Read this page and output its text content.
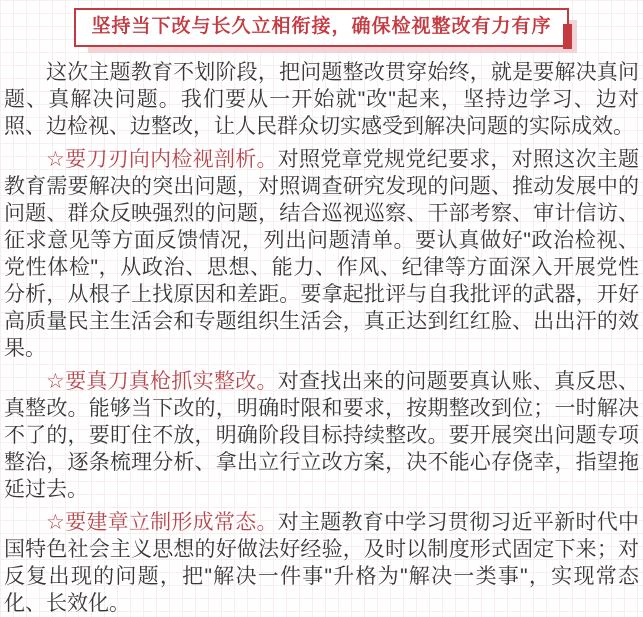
坚持当下改与长久立相衔接，确保检视整改有力有序

这次主题教育不划阶段，把问题整改贯穿始终，就是要解决真问题、真解决问题。我们要从一开始就"改"起来，坚持边学习、边对照、边检视、边整改，让人民群众切实感受到解决问题的实际成效。

☆要刀刃向内检视剖析。对照党章党规党纪要求，对照这次主题教育需要解决的突出问题，对照调查研究发现的问题、推动发展中的问题、群众反映强烈的问题，结合巡视巡察、干部考察、审计信访、征求意见等方面反馈情况，列出问题清单。要认真做好"政治检视、党性体检"，从政治、思想、能力、作风、纪律等方面深入开展党性分析，从根子上找原因和差距。要拿起批评与自我批评的武器，开好高质量民主生活会和专题组织生活会，真正达到红红脸、出出汗的效果。

☆要真刀真枪抓实整改。对查找出来的问题要真认账、真反思、真整改。能够当下改的，明确时限和要求，按期整改到位；一时解决不了的，要盯住不放，明确阶段目标持续整改。要开展突出问题专项整治，逐条梳理分析、拿出立行立改方案，决不能心存侥幸，指望拖延过去。

☆要建章立制形成常态。对主题教育中学习贯彻习近平新时代中国特色社会主义思想的好做法好经验，及时以制度形式固定下来；对反复出现的问题，把"解决一件事"升格为"解决一类事"，实现常态化、长效化。
